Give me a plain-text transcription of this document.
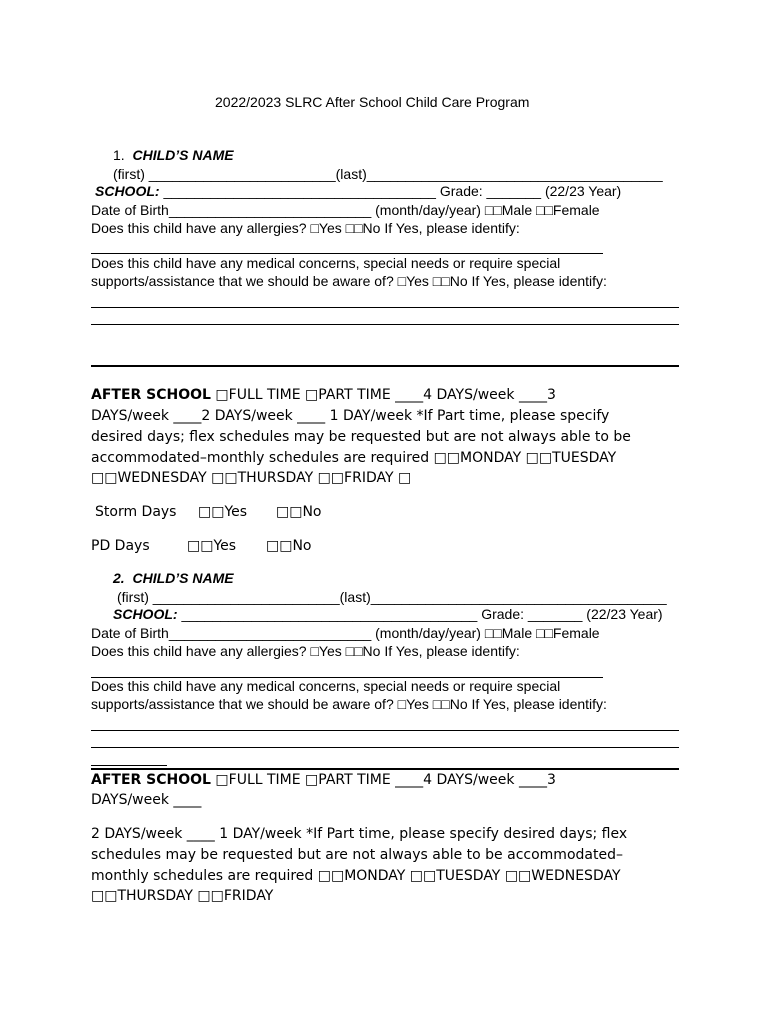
2022/2023 SLRC After School Child Care Program
1. CHILD’S NAME
(first) ________________________(last)______________________________________
SCHOOL: ___________________________________ Grade: _______ (22/23 Year)
Date of Birth__________________________ (month/day/year) □□Male □□Female
Does this child have any allergies? □Yes □□No If Yes, please identify:
Does this child have any medical concerns, special needs or require special
supports/assistance that we should be aware of? □Yes □□No If Yes, please identify:
AFTER SCHOOL □FULL TIME □PART TIME ____4 DAYS/week ____3
DAYS/week ____2 DAYS/week ____ 1 DAY/week *If Part time, please specify
desired days; flex schedules may be requested but are not always able to be
accommodated–monthly schedules are required □□MONDAY □□TUESDAY
□□WEDNESDAY □□THURSDAY □□FRIDAY □
Storm Days □□Yes □□No
PD Days	□□Yes □□No
2. CHILD’S NAME
(first) ________________________(last)______________________________________
SCHOOL: ______________________________________ Grade: _______ (22/23 Year)
Date of Birth__________________________ (month/day/year) □□Male □□Female
Does this child have any allergies? □Yes □□No If Yes, please identify:
Does this child have any medical concerns, special needs or require special
supports/assistance that we should be aware of? □Yes □□No If Yes, please identify:
AFTER SCHOOL □FULL TIME □PART TIME ____4 DAYS/week ____3
DAYS/week ____
2 DAYS/week ____ 1 DAY/week *If Part time, please specify desired days; flex
schedules may be requested but are not always able to be accommodated–
monthly schedules are required □□MONDAY □□TUESDAY □□WEDNESDAY
□□THURSDAY □□FRIDAY
